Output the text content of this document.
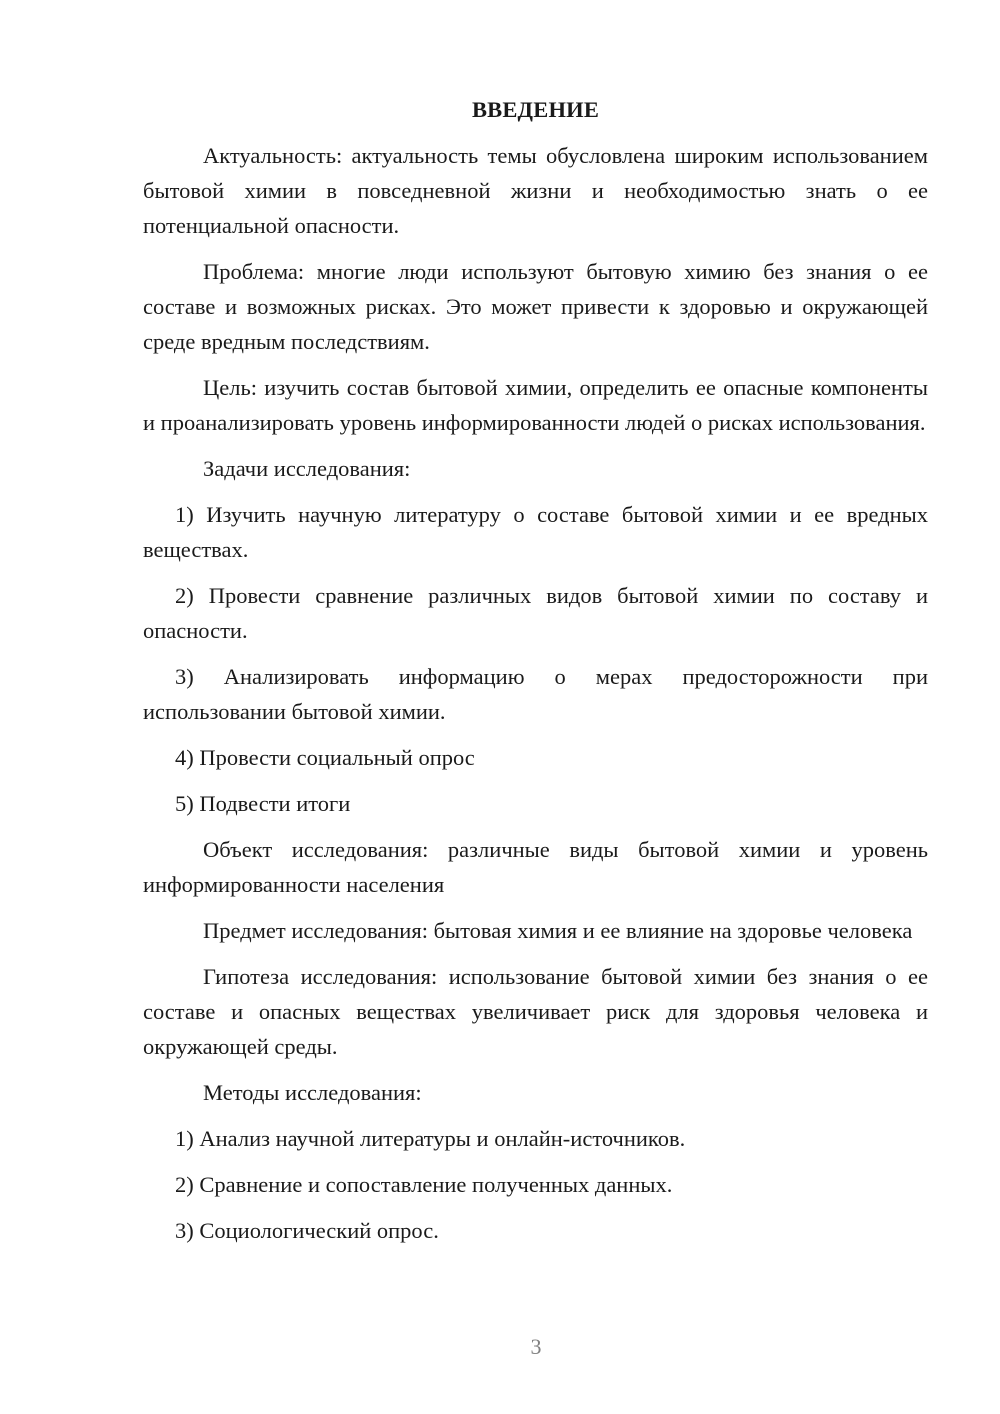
ВВЕДЕНИЕ
Актуальность: актуальность темы обусловлена широким использованием бытовой химии в повседневной жизни и необходимостью знать о ее потенциальной опасности.
Проблема: многие люди используют бытовую химию без знания о ее составе и возможных рисках. Это может привести к здоровью и окружающей среде вредным последствиям.
Цель: изучить состав бытовой химии, определить ее опасные компоненты и проанализировать уровень информированности людей о рисках использования.
Задачи исследования:
1) Изучить научную литературу о составе бытовой химии и ее вредных веществах.
2) Провести сравнение различных видов бытовой химии по составу и опасности.
3) Анализировать информацию о мерах предосторожности при использовании бытовой химии.
4) Провести социальный опрос
5) Подвести итоги
Объект исследования: различные виды бытовой химии и уровень информированности населения
Предмет исследования: бытовая химия и ее влияние на здоровье человека
Гипотеза исследования: использование бытовой химии без знания о ее составе и опасных веществах увеличивает риск для здоровья человека и окружающей среды.
Методы исследования:
1) Анализ научной литературы и онлайн-источников.
2) Сравнение и сопоставление полученных данных.
3) Социологический опрос.
3
